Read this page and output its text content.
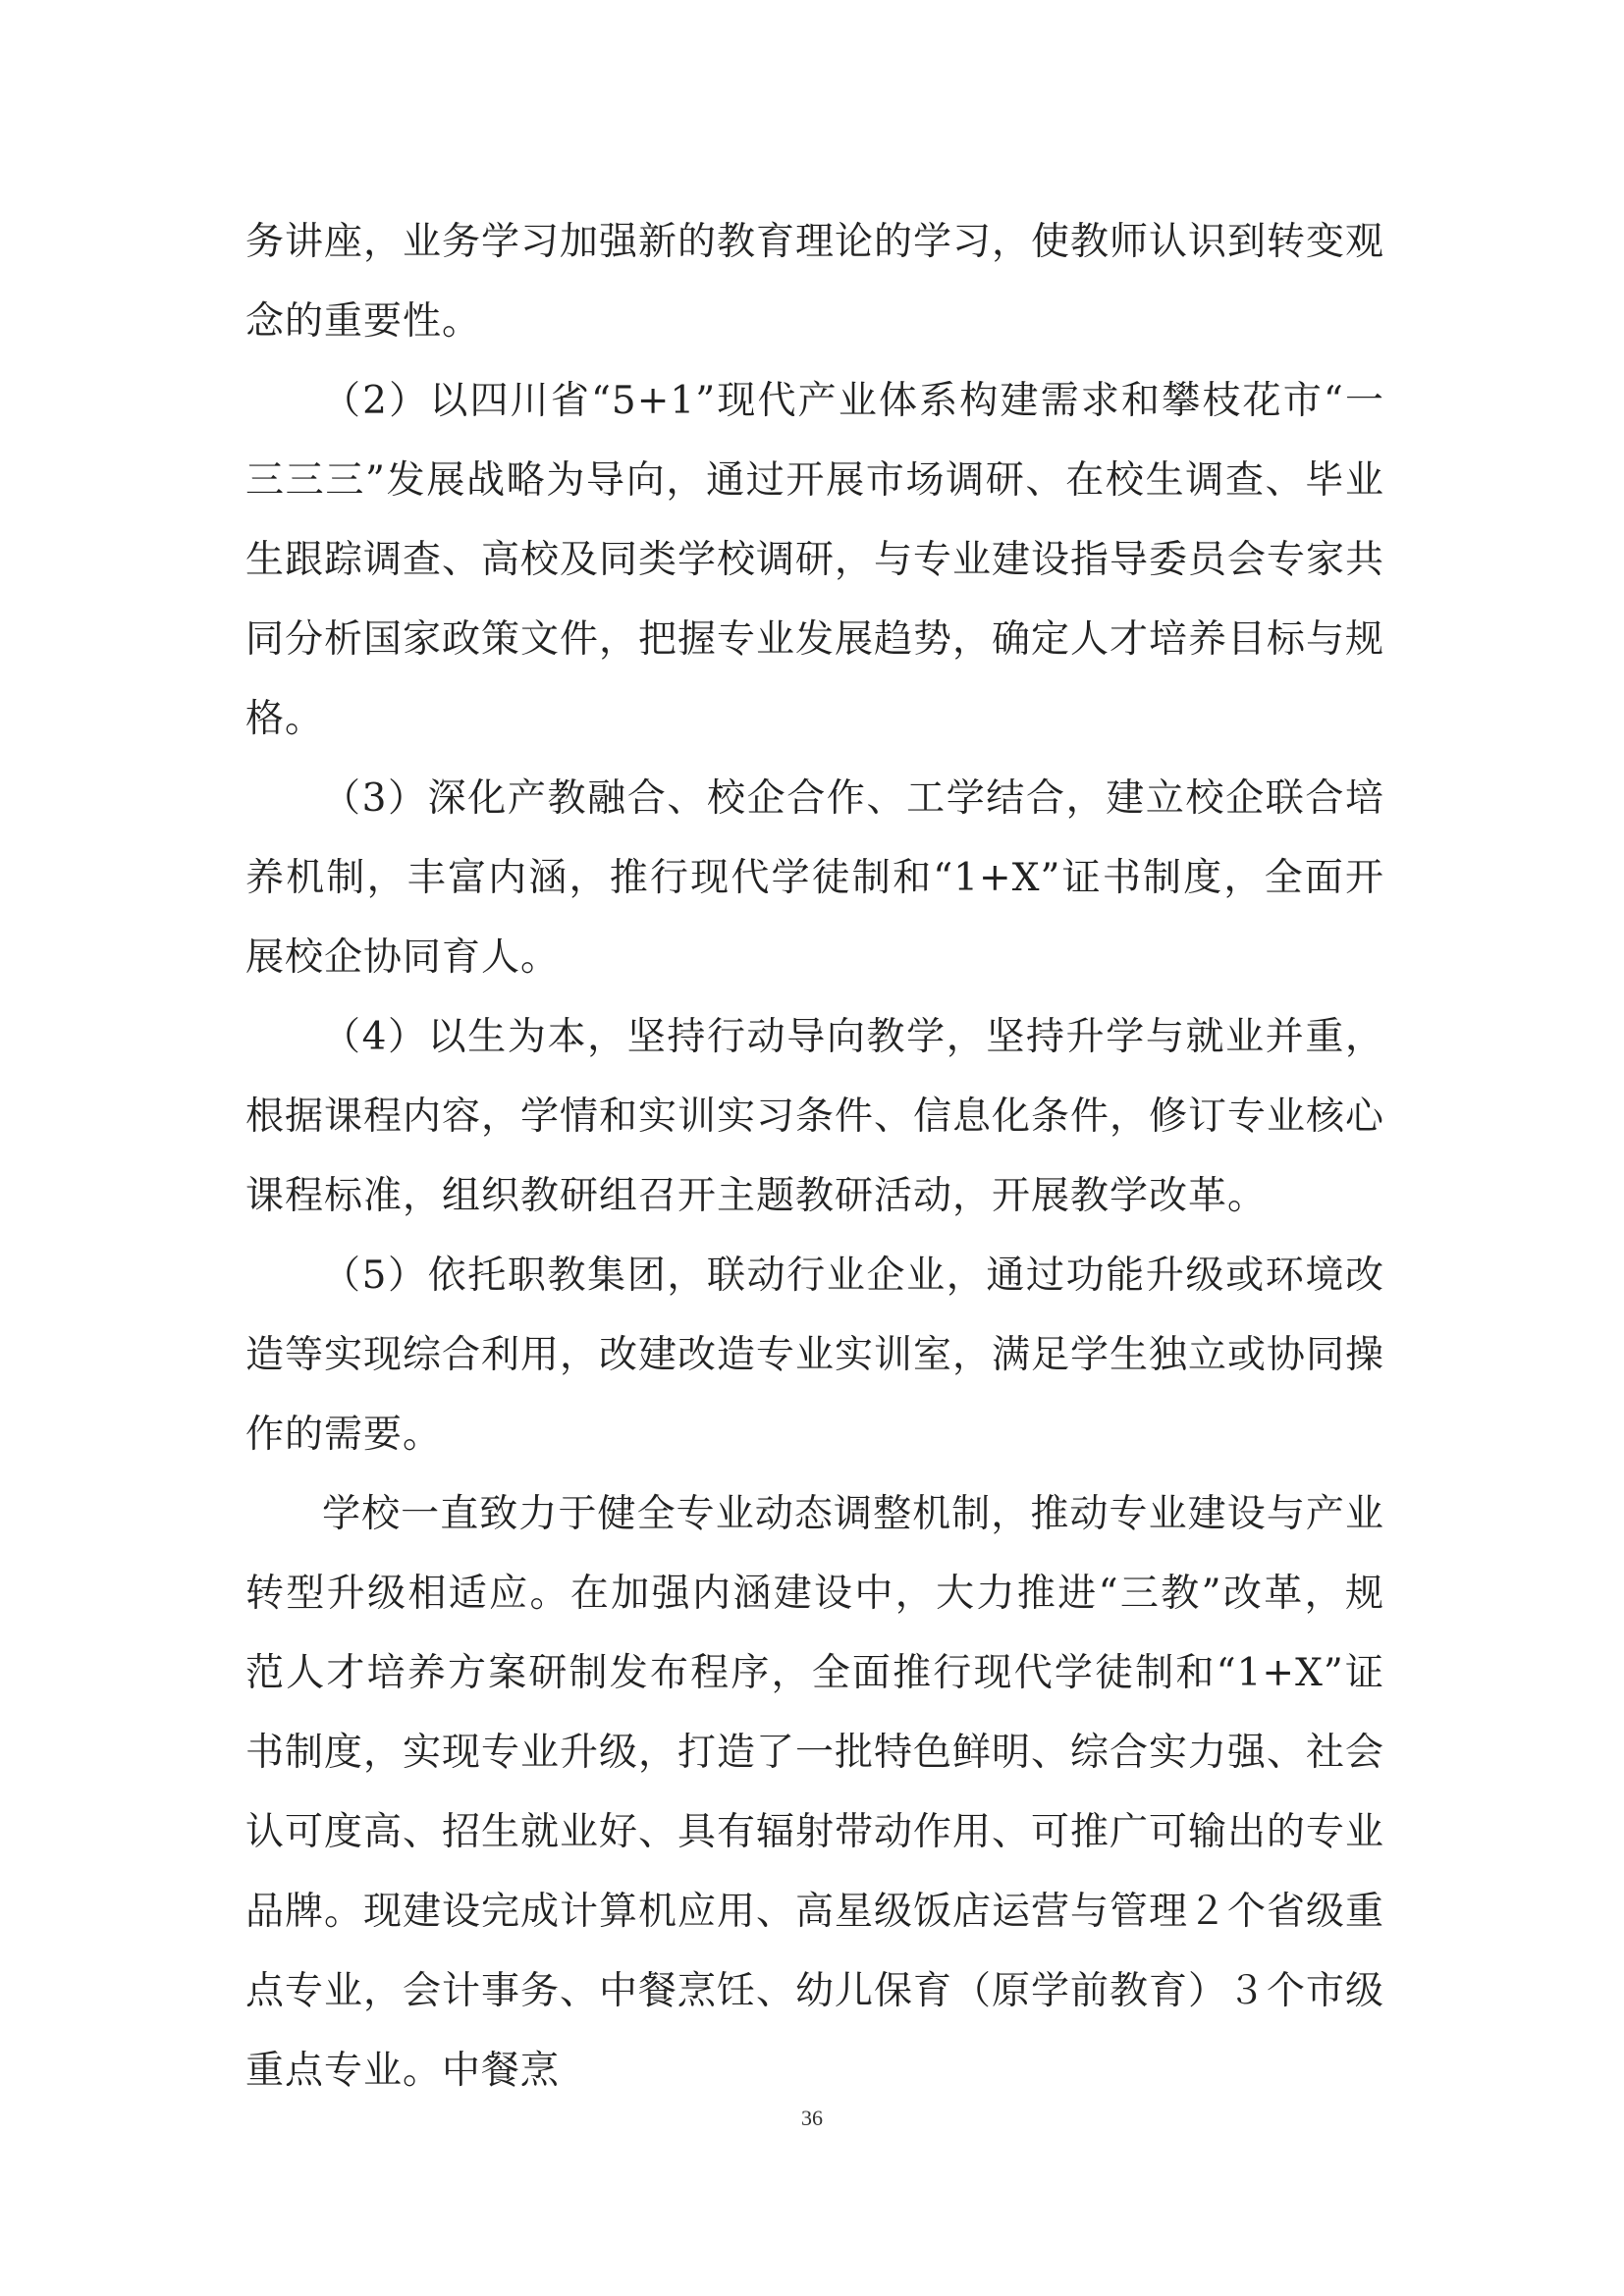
务讲座，业务学习加强新的教育理论的学习，使教师认识到转变观念的重要性。

（2）以四川省“5+1”现代产业体系构建需求和攀枝花市“一三三三”发展战略为导向，通过开展市场调研、在校生调查、毕业生跟踪调查、高校及同类学校调研，与专业建设指导委员会专家共同分析国家政策文件，把握专业发展趋势，确定人才培养目标与规格。

（3）深化产教融合、校企合作、工学结合，建立校企联合培养机制，丰富内涵，推行现代学徒制和“1+X”证书制度，全面开展校企协同育人。

（4）以生为本，坚持行动导向教学，坚持升学与就业并重，根据课程内容，学情和实训实习条件、信息化条件，修订专业核心课程标准，组织教研组召开主题教研活动，开展教学改革。

（5）依托职教集团，联动行业企业，通过功能升级或环境改造等实现综合利用，改建改造专业实训室，满足学生独立或协同操作的需要。

学校一直致力于健全专业动态调整机制，推动专业建设与产业转型升级相适应。在加强内涵建设中，大力推进“三教”改革，规范人才培养方案研制发布程序，全面推行现代学徒制和“1+X”证书制度，实现专业升级，打造了一批特色鲜明、综合实力强、社会认可度高、招生就业好、具有辐射带动作用、可推广可输出的专业品牌。现建设完成计算机应用、高星级饭店运营与管理２个省级重点专业，会计事务、中餐烹饪、幼儿保育（原学前教育）３个市级重点专业。中餐烹

36
